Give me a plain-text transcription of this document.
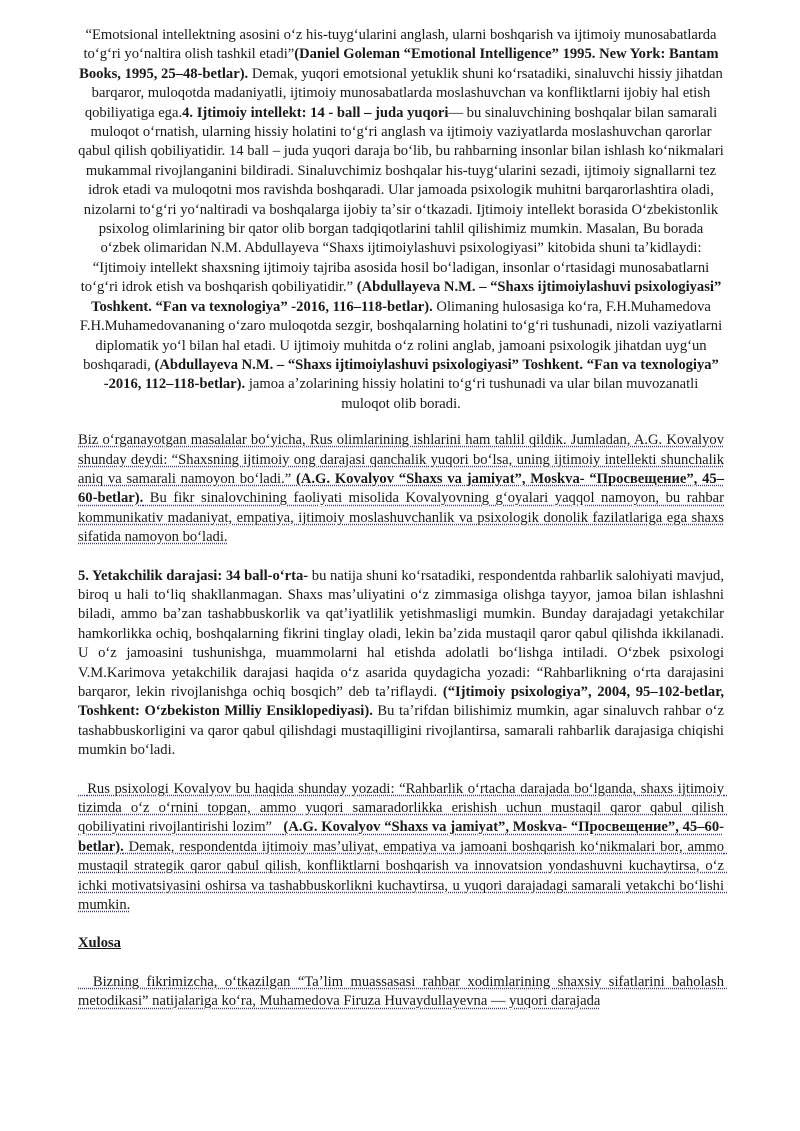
“Emotsional intellektning asosini oʻz his-tuygʻularini anglash, ularni boshqarish va ijtimoiy munosabatlarda toʻgʻri yoʻnaltira olish tashkil etadi”(Daniel Goleman “Emotional Intelligence” 1995. New York: Bantam Books, 1995, 25–48-betlar). Demak, yuqori emotsional yetuklik shuni koʻrsatadiki, sinaluvchi hissiy jihatdan barqaror, muloqotda madaniyatli, ijtimoiy munosabatlarda moslashuvchan va konfliktlarni ijobiy hal etish qobiliyatiga ega.4. Ijtimoiy intellekt: 14 - ball – juda yuqori— bu sinaluvchining boshqalar bilan samarali muloqot oʻrnatish, ularning hissiy holatini toʻgʻri anglash va ijtimoiy vaziyatlarda moslashuvchan qarorlar qabul qilish qobiliyatidir. 14 ball – juda yuqori daraja boʻlib, bu rahbarning insonlar bilan ishlash koʻnikmalari mukammal rivojlanganini bildiradi. Sinaluvchimiz boshqalar his-tuygʻularini sezadi, ijtimoiy signallarni tez idrok etadi va muloqotni mos ravishda boshqaradi. Ular jamoada psixologik muhitni barqarorlashtira oladi, nizolarni toʻgʻri yoʻnaltiradi va boshqalarga ijobiy taʼsir oʻtkazadi. Ijtimoiy intellekt borasida Oʻzbekistonlik psixolog olimlarining bir qator olib borgan tadqiqotlarini tahlil qilishimiz mumkin. Masalan, Bu borada oʻzbek olimaridan N.M. Abdullayeva “Shaxs ijtimoiylashuvi psixologiyasi” kitobida shuni taʼkidlaydi: “Ijtimoiy intellekt shaxsning ijtimoiy tajriba asosida hosil boʻladigan, insonlar oʻrtasidagi munosabatlarni toʻgʻri idrok etish va boshqarish qobiliyatidir.” (Abdullayeva N.M. – “Shaxs ijtimoiylashuvi psixologiyasi” Toshkent. “Fan va texnologiya” -2016, 116–118-betlar). Olimaning hulosasiga koʻra, F.H.Muhamedova F.H.Muhamedovananing oʻzaro muloqotda sezgir, boshqalarning holatini toʻgʻri tushunadi, nizoli vaziyatlarni diplomatik yoʻl bilan hal etadi. U ijtimoiy muhitda oʻz rolini anglab, jamoani psixologik jihatdan uygʻun boshqaradi, (Abdullayeva N.M. – “Shaxs ijtimoiylashuvi psixologiyasi” Toshkent. “Fan va texnologiya” -2016, 112–118-betlar). jamoa aʼzolarining hissiy holatini toʻgʻri tushunadi va ular bilan muvozanatli muloqot olib boradi.

Biz oʻrganayotgan masalalar boʻyicha, Rus olimlarining ishlarini ham tahlil qildik. Jumladan, A.G. Kovalyov shunday deydi: “Shaxsning ijtimoiy ong darajasi qanchalik yuqori boʻlsa, uning ijtimoiy intellekti shunchalik aniq va samarali namoyon boʻladi.” (A.G. Kovalyov “Shaxs va jamiyat”, Moskva- “Просвещение”, 45–60-betlar). Bu fikr sinalovchining faoliyati misolida Kovalyovning gʻoyalari yaqqol namoyon, bu rahbar kommunikativ madaniyat, empatiya, ijtimoiy moslashuvchanlik va psixologik donolik fazilatlariga ega shaxs sifatida namoyon boʻladi.

5. Yetakchilik darajasi: 34 ball-oʻrta- bu natija shuni koʻrsatadiki, respondentda rahbarlik salohiyati mavjud, biroq u hali toʻliq shakllanmagan. Shaxs masʼuliyatini oʻz zimmasiga olishga tayyor, jamoa bilan ishlashni biladi, ammo baʼzan tashabbuskorlik va qatʼiyatlilik yetishmasligi mumkin. Bunday darajadagi yetakchilar hamkorlikka ochiq, boshqalarning fikrini tinglay oladi, lekin baʼzida mustaqil qaror qabul qilishda ikkilanadi. U oʻz jamoasini tushunishga, muammolarni hal etishda adolatli boʻlishga intiladi. Oʻzbek psixologi V.M.Karimova yetakchilik darajasi haqida oʻz asarida quydagicha yozadi: “Rahbarlikning oʻrta darajasini barqaror, lekin rivojlanishga ochiq bosqich” deb taʼriflaydi. (“Ijtimoiy psixologiya”, 2004, 95–102-betlar, Toshkent: Oʻzbekiston Milliy Ensiklopediyasi). Bu taʼrifdan bilishimiz mumkin, agar sinaluvch rahbar oʻz tashabbuskorligini va qaror qabul qilishdagi mustaqilligini rivojlantirsa, samarali rahbarlik darajasiga chiqishi mumkin boʻladi.

Rus psixologi Kovalyov bu haqida shunday yozadi: “Rahbarlik oʻrtacha darajada boʻlganda, shaxs ijtimoiy tizimda oʻz oʻrnini topgan, ammo yuqori samaradorlikka erishish uchun mustaqil qaror qabul qilish qobiliyatini rivojlantirishi lozim”   (A.G. Kovalyov “Shaxs va jamiyat”, Moskva- “Просвещение”, 45–60-betlar). Demak, respondentda ijtimoiy masʼuliyat, empatiya va jamoani boshqarish koʻnikmalari bor, ammo mustaqil strategik qaror qabul qilish, konfliktlarni boshqarish va innovatsion yondashuvni kuchaytirsa, oʻz ichki motivatsiyasini oshirsa va tashabbuskorlikni kuchaytirsa, u yuqori darajadagi samarali yetakchi boʻlishi mumkin.

Xulosa

Bizning fikrimizcha, oʻtkazilgan “Taʼlim muassasasi rahbar xodimlarining shaxsiy sifatlarini baholash metodikasi” natijalariga koʻra, Muhamedova Firuza Huvaydullayevna — yuqori darajada
